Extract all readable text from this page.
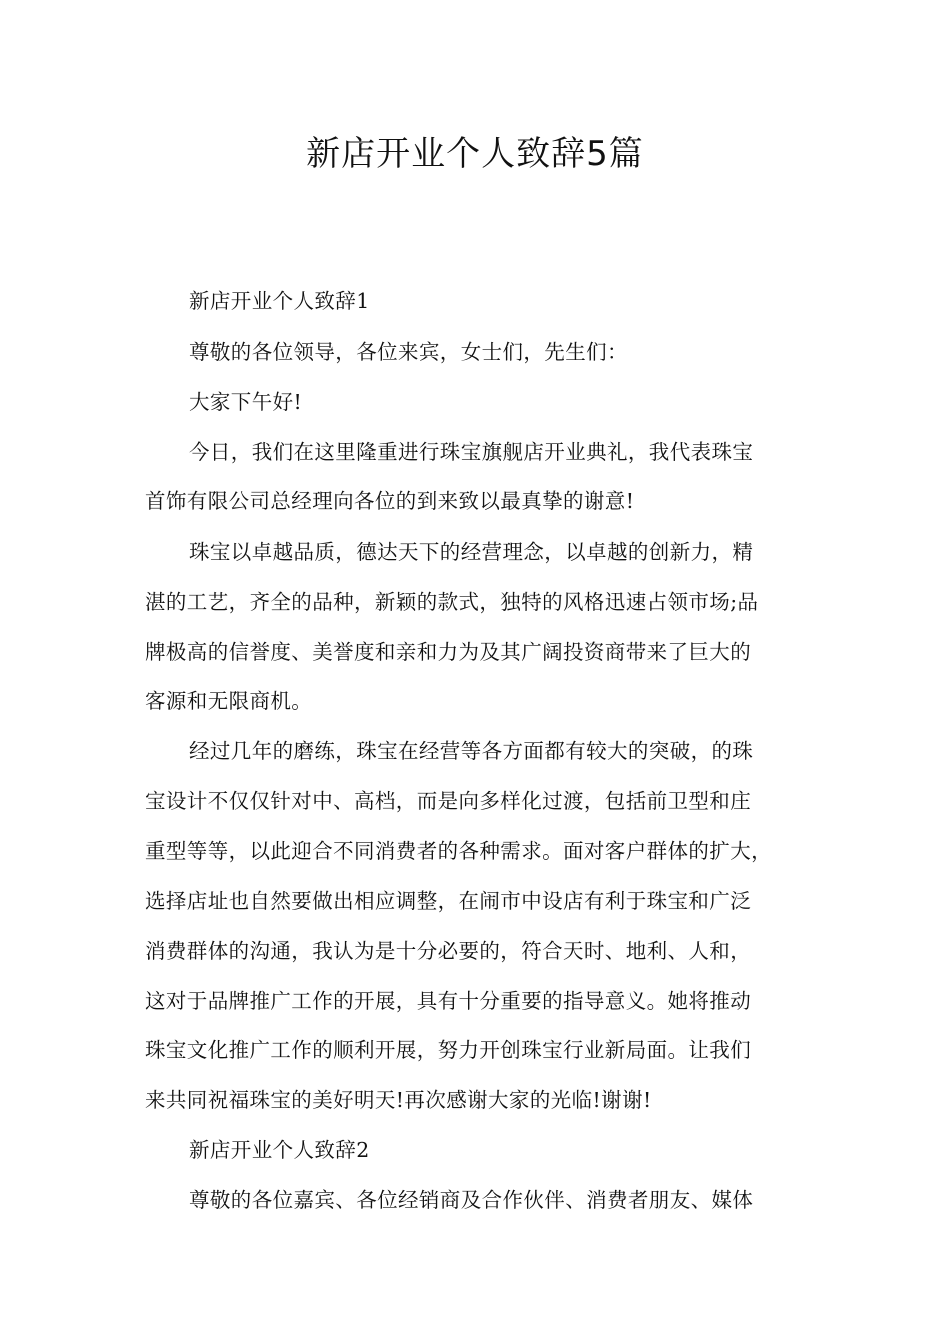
新店开业个人致辞5篇

新店开业个人致辞1

尊敬的各位领导，各位来宾，女士们，先生们：

大家下午好!

今日，我们在这里隆重进行珠宝旗舰店开业典礼，我代表珠宝

首饰有限公司总经理向各位的到来致以最真挚的谢意!

珠宝以卓越品质，德达天下的经营理念，以卓越的创新力，精

湛的工艺，齐全的品种，新颖的款式，独特的风格迅速占领市场;品

牌极高的信誉度、美誉度和亲和力为及其广阔投资商带来了巨大的

客源和无限商机。

经过几年的磨练，珠宝在经营等各方面都有较大的突破，的珠

宝设计不仅仅针对中、高档，而是向多样化过渡，包括前卫型和庄

重型等等，以此迎合不同消费者的各种需求。面对客户群体的扩大，

选择店址也自然要做出相应调整，在闹市中设店有利于珠宝和广泛

消费群体的沟通，我认为是十分必要的，符合天时、地利、人和，

这对于品牌推广工作的开展，具有十分重要的指导意义。她将推动

珠宝文化推广工作的顺利开展，努力开创珠宝行业新局面。让我们

来共同祝福珠宝的美好明天!再次感谢大家的光临!谢谢!

新店开业个人致辞2

尊敬的各位嘉宾、各位经销商及合作伙伴、消费者朋友、媒体
